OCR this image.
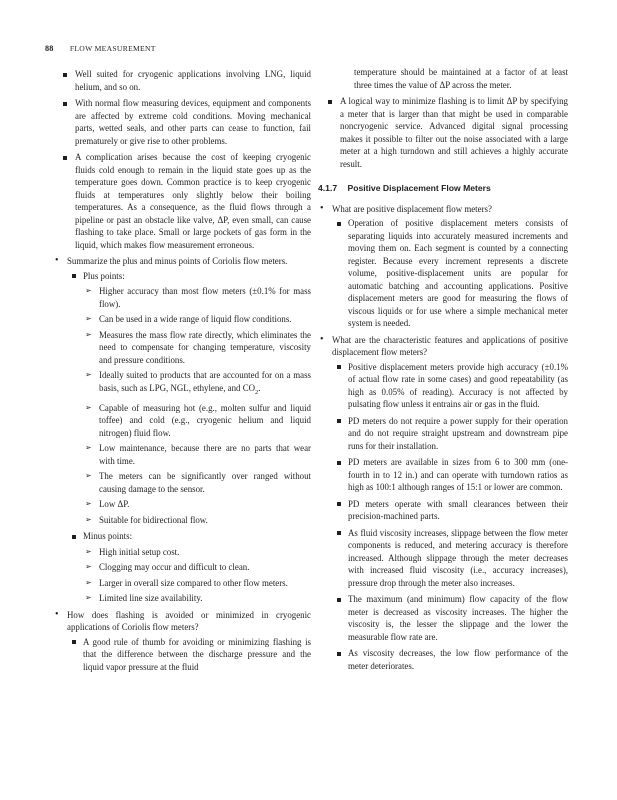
88 FLOW MEASUREMENT
Well suited for cryogenic applications involving LNG, liquid helium, and so on.
With normal flow measuring devices, equipment and components are affected by extreme cold conditions. Moving mechanical parts, wetted seals, and other parts can cease to function, fail prematurely or give rise to other problems.
A complication arises because the cost of keeping cryogenic fluids cold enough to remain in the liquid state goes up as the temperature goes down. Common practice is to keep cryogenic fluids at temperatures only slightly below their boiling temperatures. As a consequence, as the fluid flows through a pipeline or past an obstacle like valve, ΔP, even small, can cause flashing to take place. Small or large pockets of gas form in the liquid, which makes flow measurement erroneous.
• Summarize the plus and minus points of Coriolis flow meters.
Plus points:
➢ Higher accuracy than most flow meters (±0.1% for mass flow).
➢ Can be used in a wide range of liquid flow conditions.
➢ Measures the mass flow rate directly, which eliminates the need to compensate for changing temperature, viscosity and pressure conditions.
➢ Ideally suited to products that are accounted for on a mass basis, such as LPG, NGL, ethylene, and $CO_2$.
➢ Capable of measuring hot (e.g., molten sulfur and liquid toffee) and cold (e.g., cryogenic helium and liquid nitrogen) fluid flow.
➢ Low maintenance, because there are no parts that wear with time.
➢ The meters can be significantly over ranged without causing damage to the sensor.
➢ Low ΔP.
➢ Suitable for bidirectional flow.
Minus points:
➢ High initial setup cost.
➢ Clogging may occur and difficult to clean.
➢ Larger in overall size compared to other flow meters.
➢ Limited line size availability.
• How does flashing is avoided or minimized in cryogenic applications of Coriolis flow meters?
A good rule of thumb for avoiding or minimizing flashing is that the difference between the discharge pressure and the liquid vapor pressure at the fluid
temperature should be maintained at a factor of at least three times the value of ΔP across the meter.
A logical way to minimize flashing is to limit ΔP by specifying a meter that is larger than that might be used in comparable noncryogenic service. Advanced digital signal processing makes it possible to filter out the noise associated with a large meter at a high turndown and still achieves a highly accurate result.
4.1.7 Positive Displacement Flow Meters
• What are positive displacement flow meters?
Operation of positive displacement meters consists of separating liquids into accurately measured increments and moving them on. Each segment is counted by a connecting register. Because every increment represents a discrete volume, positive-displacement units are popular for automatic batching and accounting applications. Positive displacement meters are good for measuring the flows of viscous liquids or for use where a simple mechanical meter system is needed.
• What are the characteristic features and applications of positive displacement flow meters?
Positive displacement meters provide high accuracy (±0.1% of actual flow rate in some cases) and good repeatability (as high as 0.05% of reading). Accuracy is not affected by pulsating flow unless it entrains air or gas in the fluid.
PD meters do not require a power supply for their operation and do not require straight upstream and downstream pipe runs for their installation.
PD meters are available in sizes from 6 to 300 mm (one-fourth in to 12 in.) and can operate with turndown ratios as high as 100:1 although ranges of 15:1 or lower are common.
PD meters operate with small clearances between their precision-machined parts.
As fluid viscosity increases, slippage between the flow meter components is reduced, and metering accuracy is therefore increased. Although slippage through the meter decreases with increased fluid viscosity (i.e., accuracy increases), pressure drop through the meter also increases.
The maximum (and minimum) flow capacity of the flow meter is decreased as viscosity increases. The higher the viscosity is, the lesser the slippage and the lower the measurable flow rate are.
As viscosity decreases, the low flow performance of the meter deteriorates.
